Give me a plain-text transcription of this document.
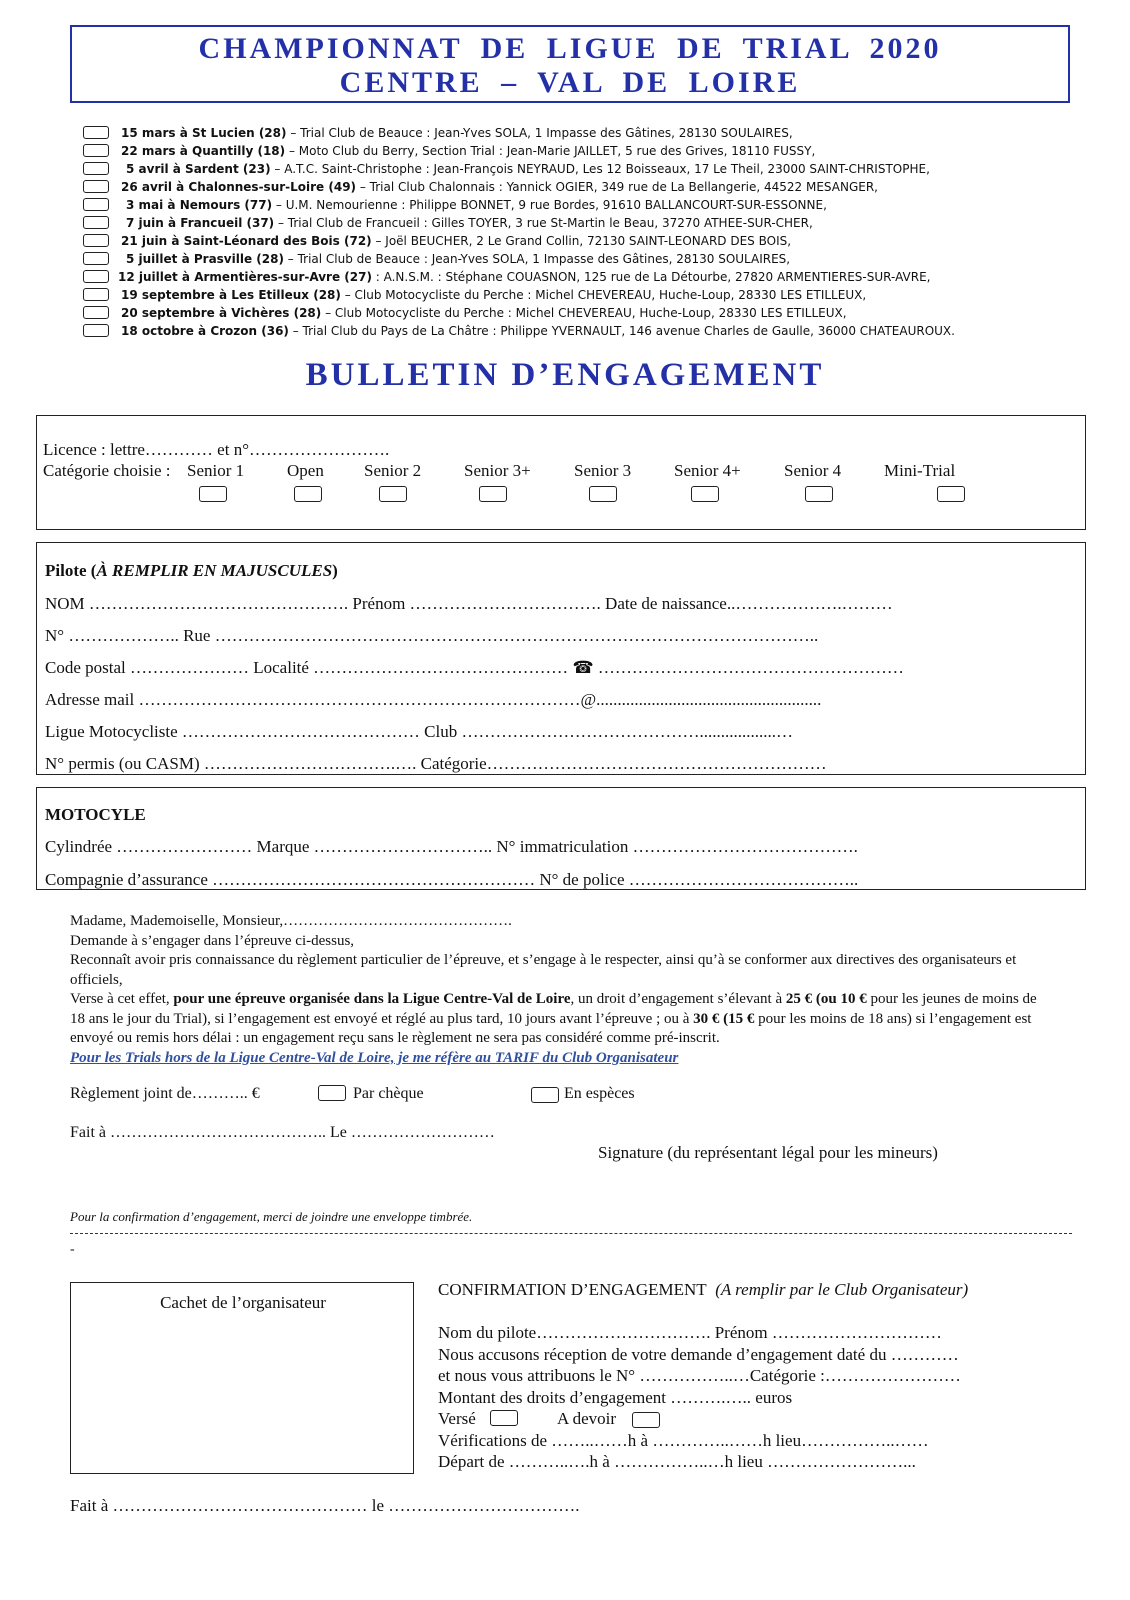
CHAMPIONNAT DE LIGUE DE TRIAL 2020
CENTRE – VAL DE LOIRE
15 mars à St Lucien (28) – Trial Club de Beauce : Jean-Yves SOLA, 1 Impasse des Gâtines, 28130 SOULAIRES,
22 mars à Quantilly (18) – Moto Club du Berry, Section Trial : Jean-Marie JAILLET, 5 rue des Grives, 18110 FUSSY,
5 avril à Sardent (23) – A.T.C. Saint-Christophe : Jean-François NEYRAUD, Les 12 Boisseaux, 17 Le Theil, 23000 SAINT-CHRISTOPHE,
26 avril à Chalonnes-sur-Loire (49) – Trial Club Chalonnais : Yannick OGIER, 349 rue de La Bellangerie, 44522 MESANGER,
3 mai à Nemours (77) – U.M. Nemourienne : Philippe BONNET, 9 rue Bordes, 91610 BALLANCOURT-SUR-ESSONNE,
7 juin à Francueil (37) – Trial Club de Francueil : Gilles TOYER, 3 rue St-Martin le Beau, 37270 ATHEE-SUR-CHER,
21 juin à Saint-Léonard des Bois (72) – Joël BEUCHER, 2 Le Grand Collin, 72130 SAINT-LEONARD DES BOIS,
5 juillet à Prasville (28) – Trial Club de Beauce : Jean-Yves SOLA, 1 Impasse des Gâtines, 28130 SOULAIRES,
12 juillet à Armentières-sur-Avre (27) : A.N.S.M. : Stéphane COUASNON, 125 rue de La Détourbe, 27820 ARMENTIERES-SUR-AVRE,
19 septembre à Les Etilleux (28) – Club Motocycliste du Perche : Michel CHEVEREAU, Huche-Loup, 28330 LES ETILLEUX,
20 septembre à Vichères (28) – Club Motocycliste du Perche : Michel CHEVEREAU, Huche-Loup, 28330 LES ETILLEUX,
18 octobre à Crozon (36) – Trial Club du Pays de La Châtre : Philippe YVERNAULT, 146 avenue Charles de Gaulle, 36000 CHATEAUROUX.
BULLETIN D’ENGAGEMENT
Licence : lettre………… et n°…………………….
Catégorie choisie : Senior 1	Open Senior 2	Senior 3+	Senior 3	Senior 4+	Senior 4	Mini-Trial
Pilote (À REMPLIR EN MAJUSCULES)
NOM ………………………………………. Prénom ……………………………. Date de naissance..……………….………
N° ……………….. Rue ……………………………………………………………………………………………..
Code postal ………………… Localité ……………………………………… ☎ ………………………………………………
Adresse mail ……………………………………………………………………@.....................................................
Ligue Motocycliste …………………………………… Club ……………………………………..................…
N° permis (ou CASM) …………………………….…. Catégorie……………………………………………………
MOTOCYLE
Cylindrée …………………… Marque ………………………….. N° immatriculation ………………………………….
Compagnie d’assurance ………………………………………………… N° de police …………………………………..

Madame, Mademoiselle, Monsieur,……………………………………….

Demande à s’engager dans l’épreuve ci-dessus,

Reconnaît avoir pris connaissance du règlement particulier de l’épreuve, et s’engage à le respecter, ainsi qu’à se conformer aux directives des organisateurs et officiels,

Verse à cet effet, pour une épreuve organisée dans la Ligue Centre-Val de Loire, un droit d’engagement s’élevant à 25 € (ou 10 € pour les jeunes de moins de 18 ans le jour du Trial), si l’engagement est envoyé et réglé au plus tard, 10 jours avant l’épreuve ; ou à 30 € (15 € pour les moins de 18 ans) si l’engagement est envoyé ou remis hors délai : un engagement reçu sans le règlement ne sera pas considéré comme pré-inscrit.

Pour les Trials hors de la Ligue Centre-Val de Loire, je me réfère au TARIF du Club Organisateur

Règlement joint de……….. €	Par chèque	En espèces
Fait à ………………………………….. Le ………………………
Signature (du représentant légal pour les mineurs)
Pour la confirmation d’engagement, merci de joindre une enveloppe timbrée.
-
Cachet de l’organisateur
CONFIRMATION D’ENGAGEMENT (A remplir par le Club Organisateur)
Nom du pilote…………………………. Prénom …………………………
Nous accusons réception de votre demande d’engagement daté du …………
et nous vous attribuons le N° ……………..…Catégorie :……………………
Montant des droits d’engagement ……….….. euros
Versé	A devoir
Vérifications de ……..……h à …………..……h lieu……………..……
Départ de ………..….h à ……………..…h lieu ……………………...
Fait à ……………………………………… le …………………………….
